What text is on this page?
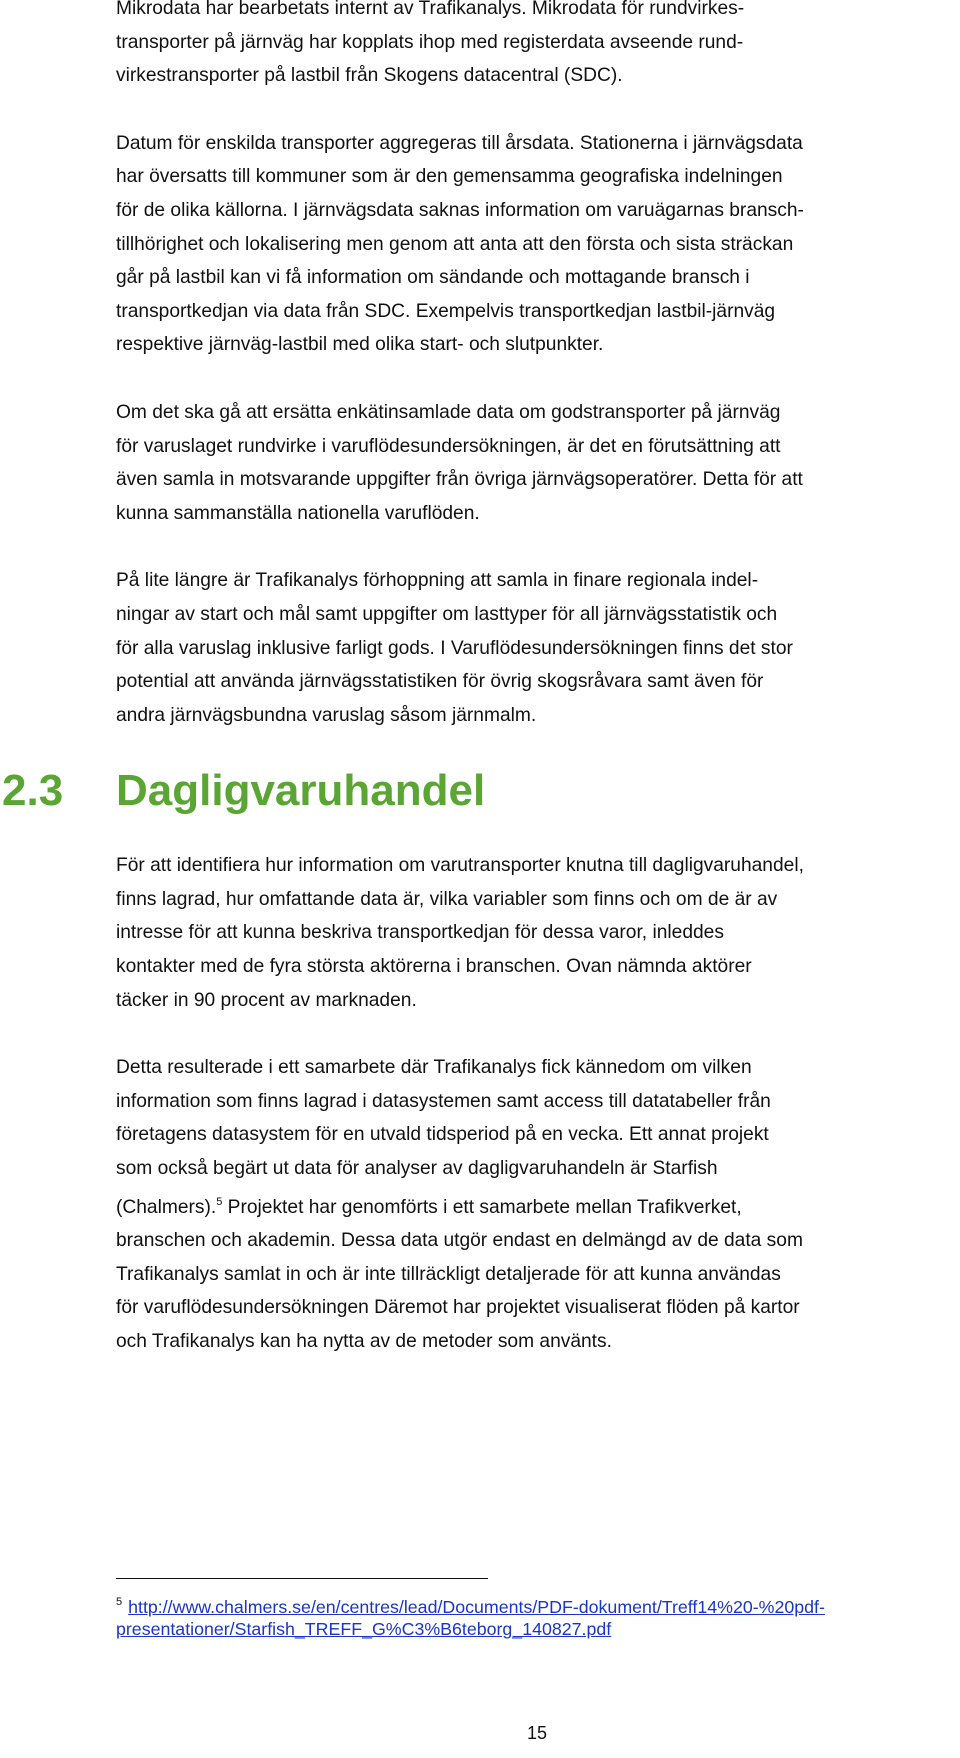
Mikrodata har bearbetats internt av Trafikanalys. Mikrodata för rundvirkes-
transporter på järnväg har kopplats ihop med registerdata avseende rund-
virkestransporter på lastbil från Skogens datacentral (SDC).

Datum för enskilda transporter aggregeras till årsdata. Stationerna i järnvägsdata
har översatts till kommuner som är den gemensamma geografiska indelningen
för de olika källorna. I järnvägsdata saknas information om varuägarnas bransch-
tillhörighet och lokalisering men genom att anta att den första och sista sträckan
går på lastbil kan vi få information om sändande och mottagande bransch i
transportkedjan via data från SDC. Exempelvis transportkedjan lastbil-järnväg
respektive järnväg-lastbil med olika start- och slutpunkter.

Om det ska gå att ersätta enkätinsamlade data om godstransporter på järnväg
för varuslaget rundvirke i varuflödesundersökningen, är det en förutsättning att
även samla in motsvarande uppgifter från övriga järnvägsoperatörer. Detta för att
kunna sammanställa nationella varuflöden.

På lite längre är Trafikanalys förhoppning att samla in finare regionala indel-
ningar av start och mål samt uppgifter om lasttyper för all järnvägsstatistik och
för alla varuslag inklusive farligt gods. I Varuflödesundersökningen finns det stor
potential att använda järnvägsstatistiken för övrig skogsråvara samt även för
andra järnvägsbundna varuslag såsom järnmalm.

2.3 Dagligvaruhandel

För att identifiera hur information om varutransporter knutna till dagligvaruhandel,
finns lagrad, hur omfattande data är, vilka variabler som finns och om de är av
intresse för att kunna beskriva transportkedjan för dessa varor, inleddes
kontakter med de fyra största aktörerna i branschen. Ovan nämnda aktörer
täcker in 90 procent av marknaden.

Detta resulterade i ett samarbete där Trafikanalys fick kännedom om vilken
information som finns lagrad i datasystemen samt access till datatabeller från
företagens datasystem för en utvald tidsperiod på en vecka. Ett annat projekt
som också begärt ut data för analyser av dagligvaruhandeln är Starfish
(Chalmers).$^5$ Projektet har genomförts i ett samarbete mellan Trafikverket,
branschen och akademin. Dessa data utgör endast en delmängd av de data som
Trafikanalys samlat in och är inte tillräckligt detaljerade för att kunna användas
för varuflödesundersökningen Däremot har projektet visualiserat flöden på kartor
och Trafikanalys kan ha nytta av de metoder som använts.

$^5$ http://www.chalmers.se/en/centres/lead/Documents/PDF-dokument/Treff14%20-%20pdf-
presentationer/Starfish_TREFF_G%C3%B6teborg_140827.pdf
15
